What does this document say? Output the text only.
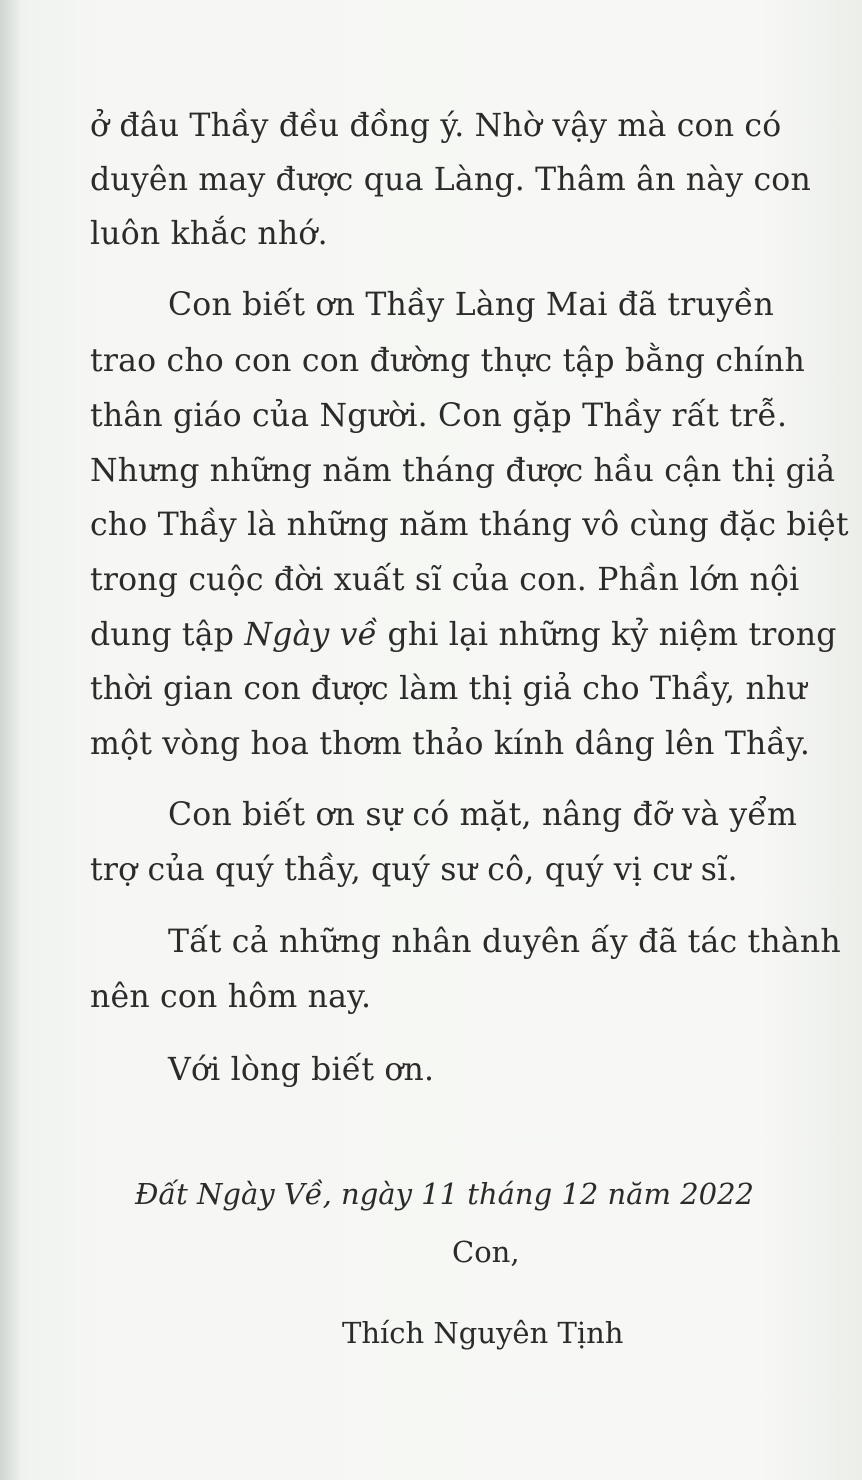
ở đâu Thầy đều đồng ý. Nhờ vậy mà con có
duyên may được qua Làng. Thâm ân này con
luôn khắc nhớ.
Con biết ơn Thầy Làng Mai đã truyền
trao cho con con đường thực tập bằng chính
thân giáo của Người. Con gặp Thầy rất trễ.
Nhưng những năm tháng được hầu cận thị giả
cho Thầy là những năm tháng vô cùng đặc biệt
trong cuộc đời xuất sĩ của con. Phần lớn nội
dung tập Ngày về ghi lại những kỷ niệm trong
thời gian con được làm thị giả cho Thầy, như
một vòng hoa thơm thảo kính dâng lên Thầy.
Con biết ơn sự có mặt, nâng đỡ và yểm
trợ của quý thầy, quý sư cô, quý vị cư sĩ.
Tất cả những nhân duyên ấy đã tác thành
nên con hôm nay.
Với lòng biết ơn.
Đất Ngày Về, ngày 11 tháng 12 năm 2022
Con,
Thích Nguyên Tịnh
